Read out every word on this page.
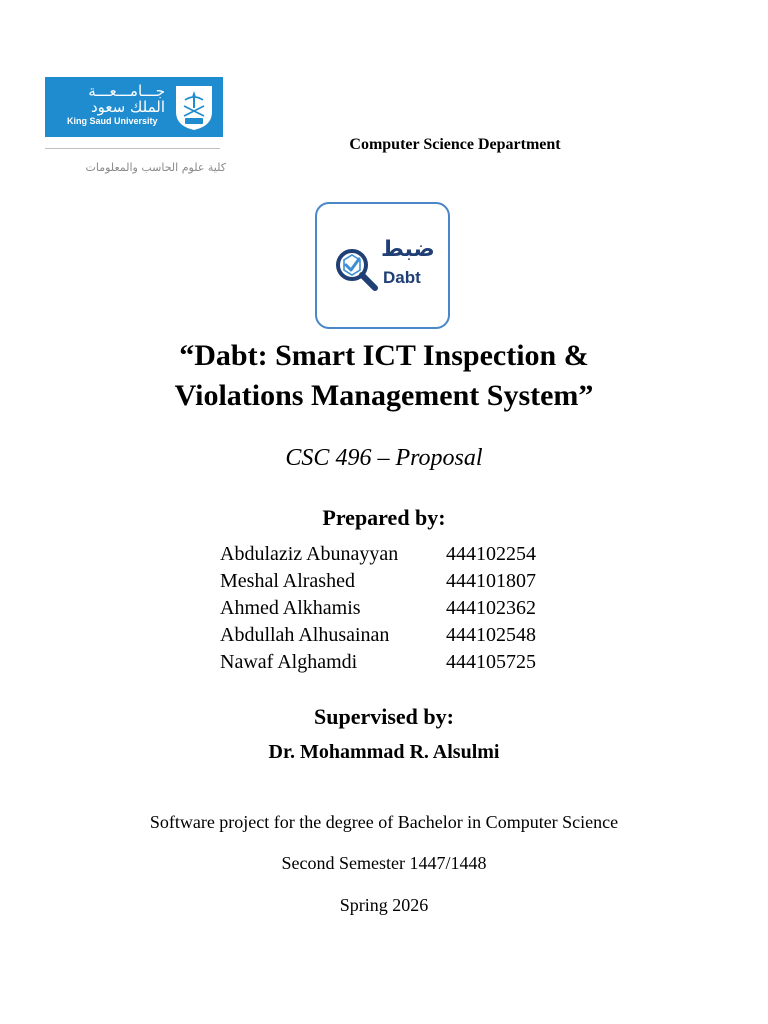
جـــامـــعـــة
الملك سعود
King Saud University
كلية علوم الحاسب والمعلومات
Computer Science Department
ضبط
Dabt
“Dabt: Smart ICT Inspection &
Violations Management System”
CSC 496 – Proposal
Prepared by:
Abdulaziz Abunayyan	444102254
Meshal Alrashed	444101807
Ahmed Alkhamis	444102362
Abdullah Alhusainan	444102548
Nawaf Alghamdi	444105725
Supervised by:
Dr. Mohammad R. Alsulmi
Software project for the degree of Bachelor in Computer Science
Second Semester 1447/1448
Spring 2026
